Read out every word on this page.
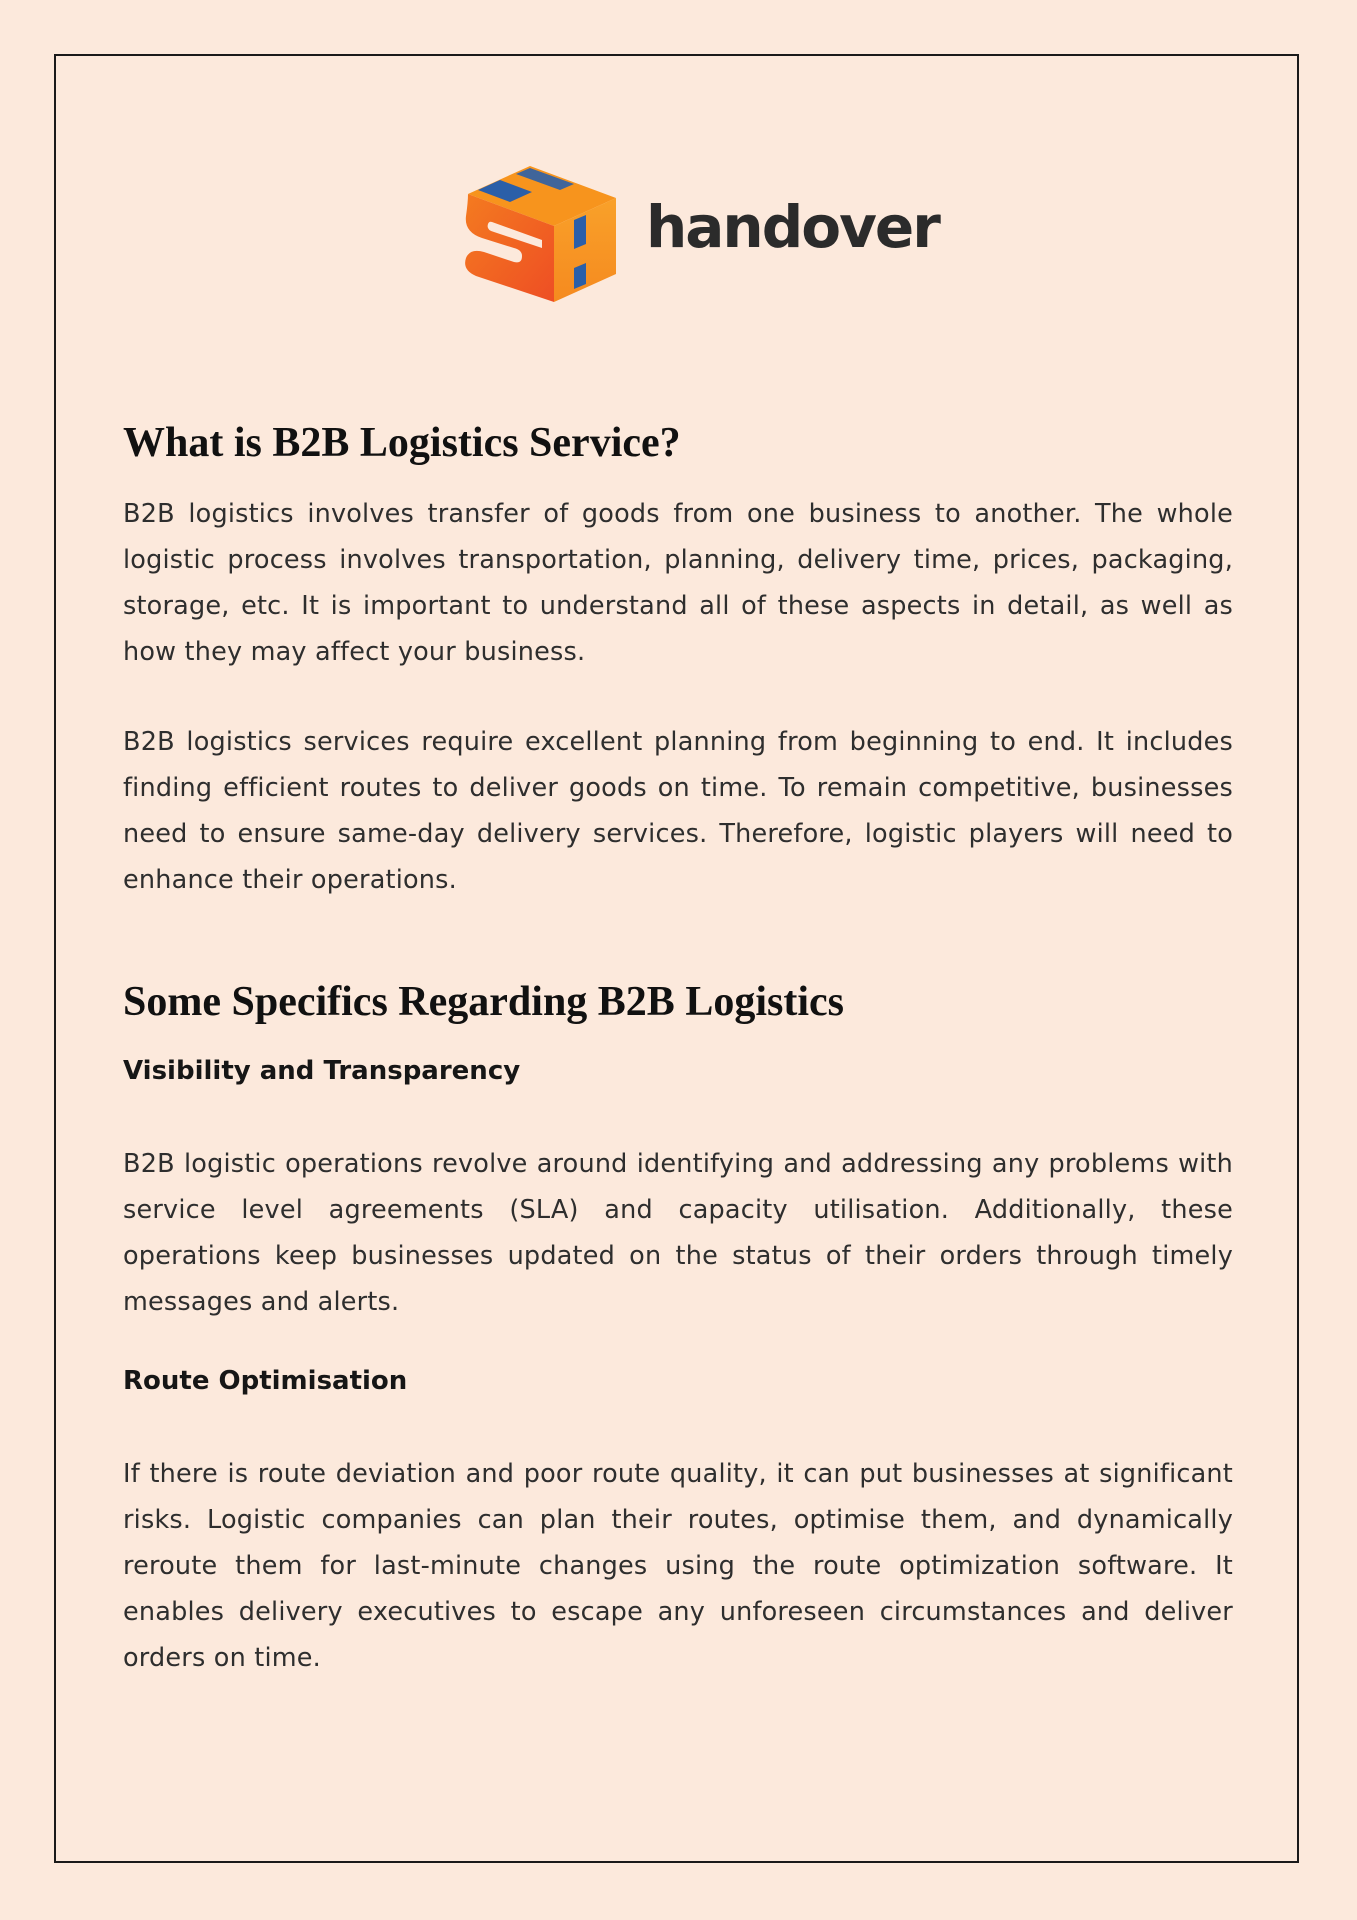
handover
What is B2B Logistics Service?

B2B logistics involves transfer of goods from one business to another. The whole logistic process involves transportation, planning, delivery time, prices, packaging, storage, etc. It is important to understand all of these aspects in detail, as well as how they may affect your business.

B2B logistics services require excellent planning from beginning to end. It includes finding efficient routes to deliver goods on time. To remain competitive, businesses need to ensure same-day delivery services. Therefore, logistic players will need to enhance their operations.

Some Specifics Regarding B2B Logistics
Visibility and Transparency

B2B logistic operations revolve around identifying and addressing any problems with service level agreements (SLA) and capacity utilisation. Additionally, these operations keep businesses updated on the status of their orders through timely messages and alerts.

Route Optimisation

If there is route deviation and poor route quality, it can put businesses at significant risks. Logistic companies can plan their routes, optimise them, and dynamically reroute them for last-minute changes using the route optimization software. It enables delivery executives to escape any unforeseen circumstances and deliver orders on time.
